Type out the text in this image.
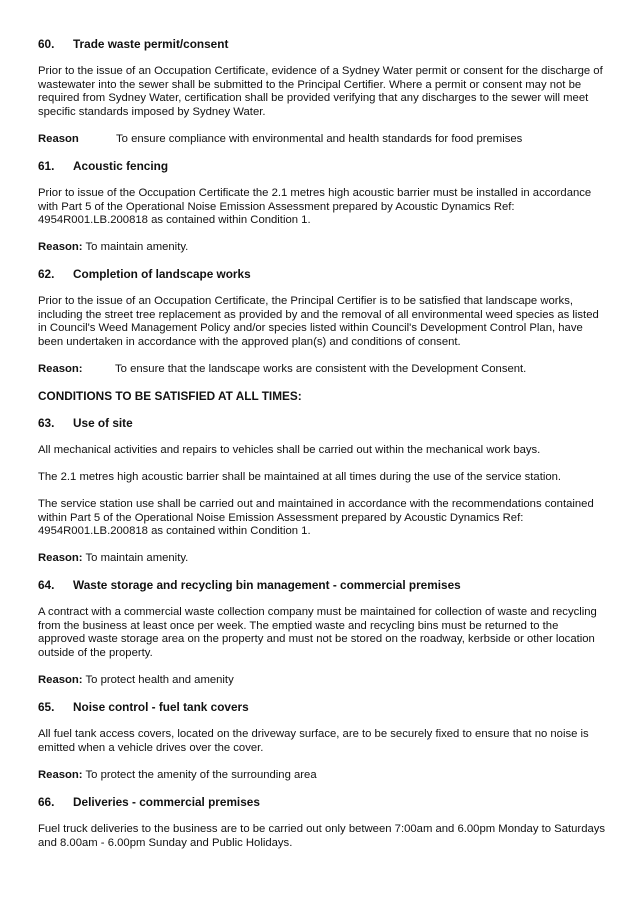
60. Trade waste permit/consent

Prior to the issue of an Occupation Certificate, evidence of a Sydney Water permit or consent for the discharge of wastewater into the sewer shall be submitted to the Principal Certifier. Where a permit or consent may not be required from Sydney Water, certification shall be provided verifying that any discharges to the sewer will meet specific standards imposed by Sydney Water.

Reason	To ensure compliance with environmental and health standards for food premises
61. Acoustic fencing

Prior to issue of the Occupation Certificate the 2.1 metres high acoustic barrier must be installed in accordance with Part 5 of the Operational Noise Emission Assessment prepared by Acoustic Dynamics Ref: 4954R001.LB.200818 as contained within Condition 1.

Reason: To maintain amenity.
62. Completion of landscape works

Prior to the issue of an Occupation Certificate, the Principal Certifier is to be satisfied that landscape works, including the street tree replacement as provided by and the removal of all environmental weed species as listed in Council's Weed Management Policy and/or species listed within Council's Development Control Plan, have been undertaken in accordance with the approved plan(s) and conditions of consent.

Reason:	To ensure that the landscape works are consistent with the Development Consent.
CONDITIONS TO BE SATISFIED AT ALL TIMES:
63. Use of site

All mechanical activities and repairs to vehicles shall be carried out within the mechanical work bays.

The 2.1 metres high acoustic barrier shall be maintained at all times during the use of the service station.

The service station use shall be carried out and maintained in accordance with the recommendations contained within Part 5 of the Operational Noise Emission Assessment prepared by Acoustic Dynamics Ref: 4954R001.LB.200818 as contained within Condition 1.

Reason: To maintain amenity.
64. Waste storage and recycling bin management - commercial premises

A contract with a commercial waste collection company must be maintained for collection of waste and recycling from the business at least once per week. The emptied waste and recycling bins must be returned to the approved waste storage area on the property and must not be stored on the roadway, kerbside or other location outside of the property.

Reason: To protect health and amenity
65. Noise control - fuel tank covers

All fuel tank access covers, located on the driveway surface, are to be securely fixed to ensure that no noise is emitted when a vehicle drives over the cover.

Reason: To protect the amenity of the surrounding area
66. Deliveries - commercial premises

Fuel truck deliveries to the business are to be carried out only between 7:00am and 6.00pm Monday to Saturdays and 8.00am - 6.00pm Sunday and Public Holidays.
